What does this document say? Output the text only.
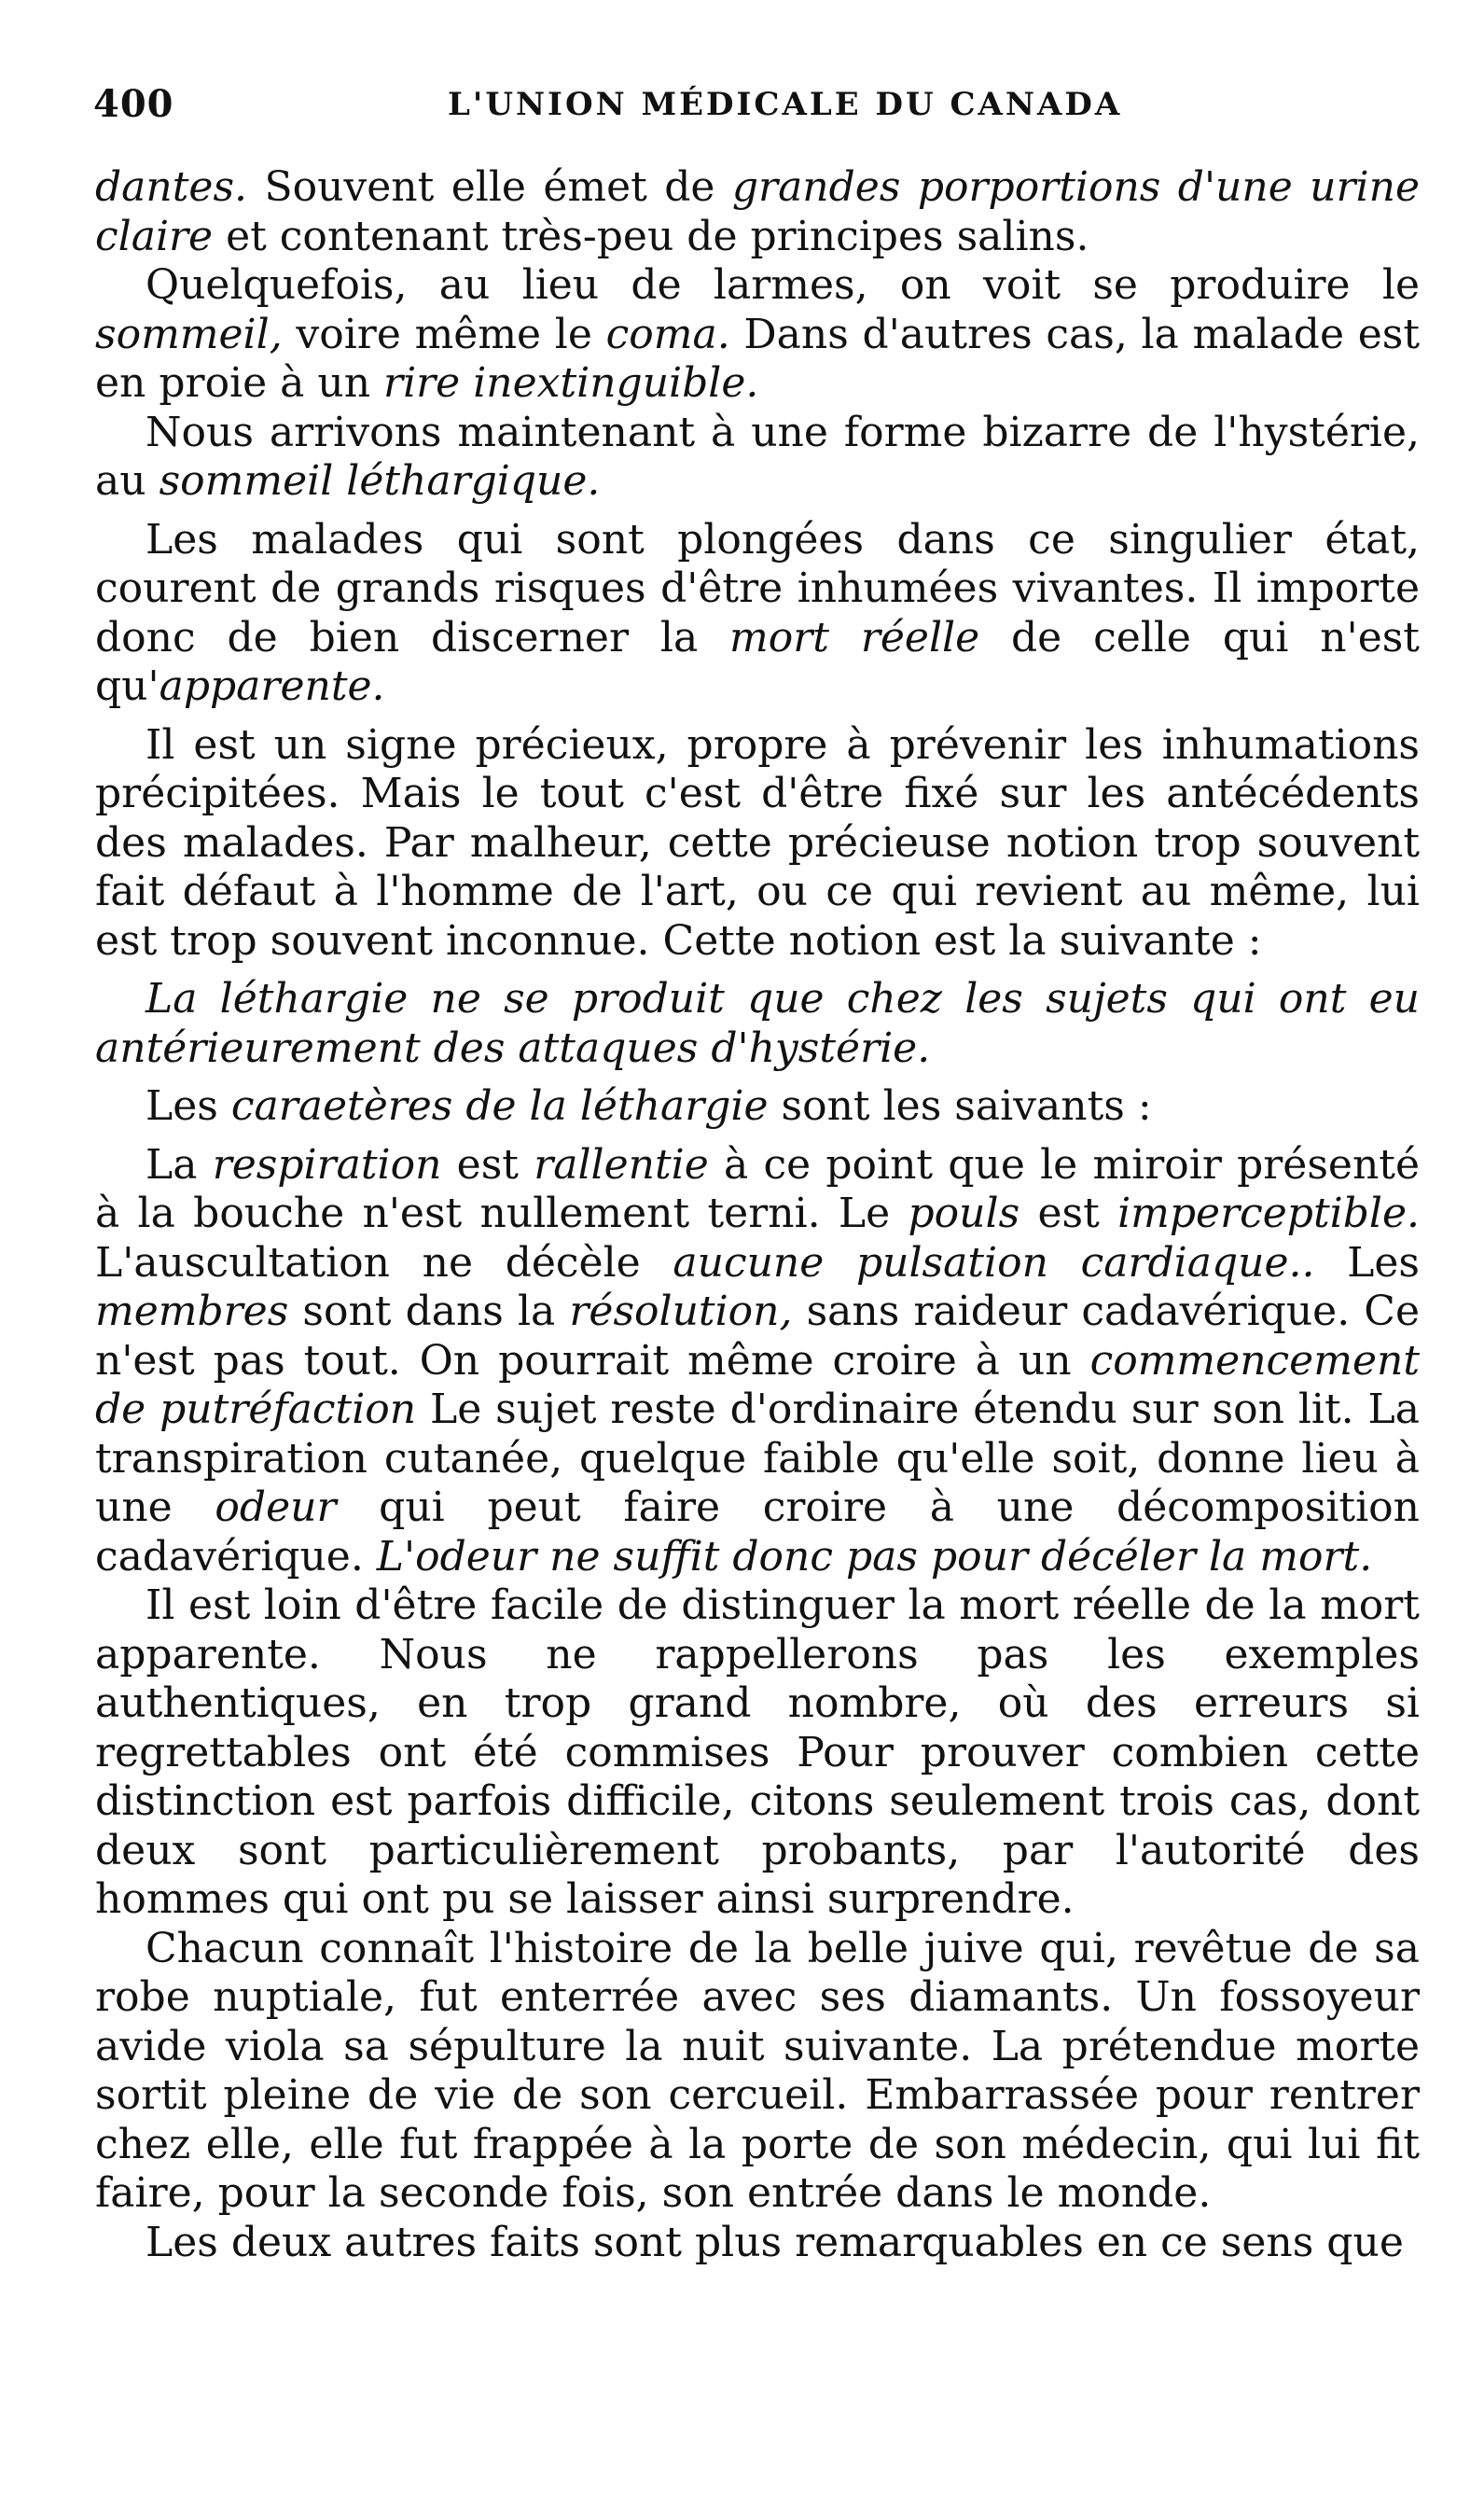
400	L'UNION MÉDICALE DU CANADA

dantes. Souvent elle émet de grandes porportions d'une urine claire et contenant très-peu de principes salins.

Quelquefois, au lieu de larmes, on voit se produire le sommeil, voire même le coma. Dans d'autres cas, la malade est en proie à un rire inextinguible.

Nous arrivons maintenant à une forme bizarre de l'hystérie, au sommeil léthargique.

Les malades qui sont plongées dans ce singulier état, courent de grands risques d'être inhumées vivantes. Il importe donc de bien discerner la mort réelle de celle qui n'est qu'apparente.

Il est un signe précieux, propre à prévenir les inhumations précipitées. Mais le tout c'est d'être fixé sur les antécédents des malades. Par malheur, cette précieuse notion trop souvent fait défaut à l'homme de l'art, ou ce qui revient au même, lui est trop souvent inconnue. Cette notion est la suivante :

La léthargie ne se produit que chez les sujets qui ont eu antérieurement des attaques d'hystérie.

Les caraetères de la léthargie sont les saivants :

La respiration est rallentie à ce point que le miroir présenté à la bouche n'est nullement terni. Le pouls est imperceptible. L'auscultation ne décèle aucune pulsation cardiaque.. Les membres sont dans la résolution, sans raideur cadavérique. Ce n'est pas tout. On pourrait même croire à un commencement de putréfaction Le sujet reste d'ordinaire étendu sur son lit. La transpiration cutanée, quelque faible qu'elle soit, donne lieu à une odeur qui peut faire croire à une décomposition cadavérique. L'odeur ne suffit donc pas pour décéler la mort.

Il est loin d'être facile de distinguer la mort réelle de la mort apparente. Nous ne rappellerons pas les exemples authentiques, en trop grand nombre, où des erreurs si regrettables ont été commises Pour prouver combien cette distinction est parfois difficile, citons seulement trois cas, dont deux sont particulièrement probants, par l'autorité des hommes qui ont pu se laisser ainsi surprendre.

Chacun connaît l'histoire de la belle juive qui, revêtue de sa robe nuptiale, fut enterrée avec ses diamants. Un fossoyeur avide viola sa sépulture la nuit suivante. La prétendue morte sortit pleine de vie de son cercueil. Embarrassée pour rentrer chez elle, elle fut frappée à la porte de son médecin, qui lui fit faire, pour la seconde fois, son entrée dans le monde.

Les deux autres faits sont plus remarquables en ce sens que
